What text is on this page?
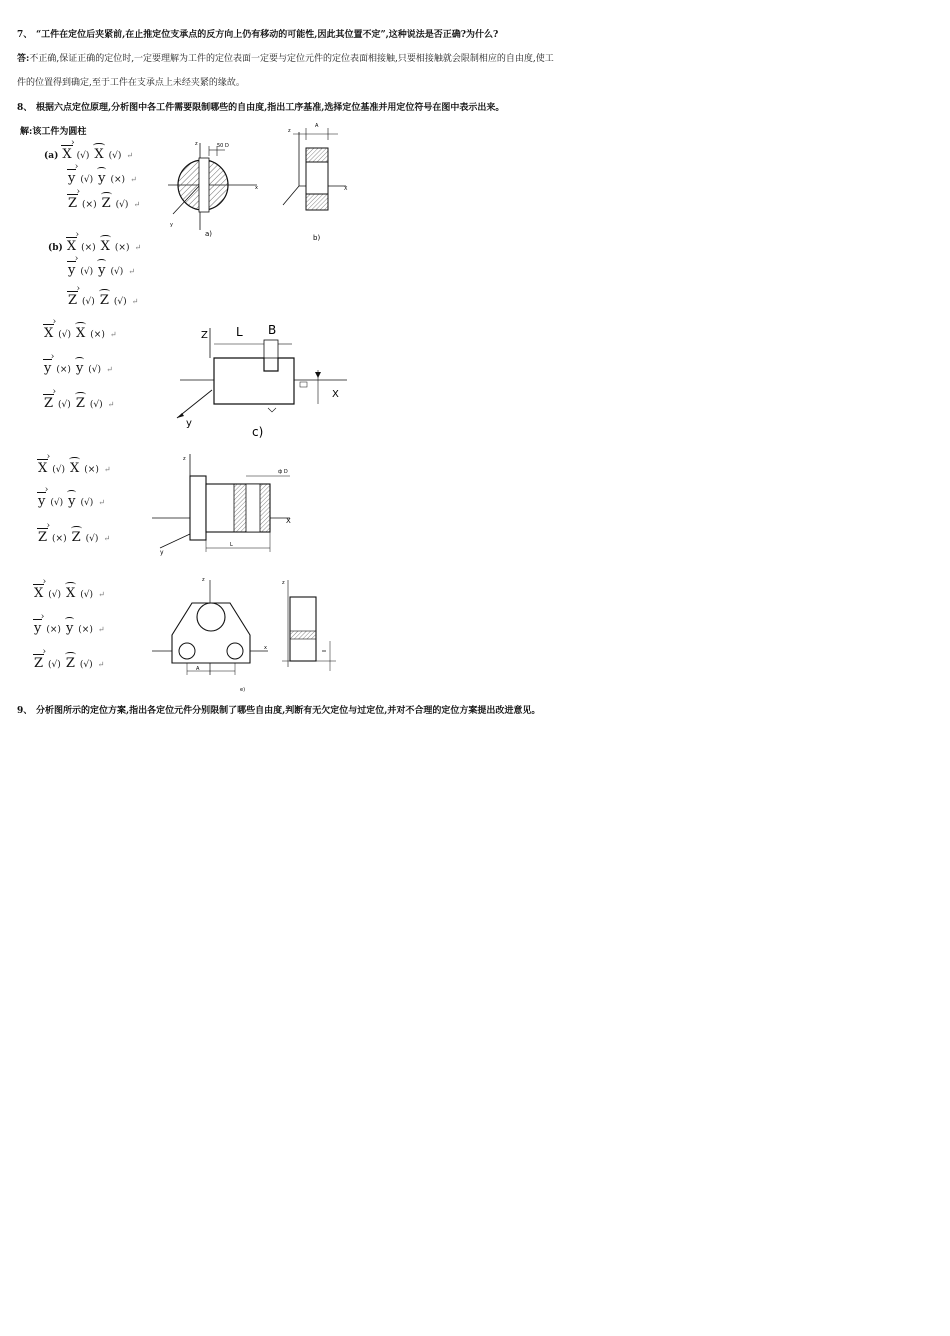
7、 “工件在定位后夹紧前,在止推定位支承点的反方向上仍有移动的可能性,因此其位置不定”,这种说法是否正确?为什么?
答:不正确,保证正确的定位时,一定要理解为工件的定位表面一定要与定位元件的定位表面相接触,只要相接触就会限制相应的自由度,使工
件的位置得到确定,至于工件在支承点上未经夹紧的缘故。
8、 根据六点定位原理,分析图中各工件需要限制哪些的自由度,指出工序基准,选择定位基准并用定位符号在图中表示出来。
解:该工件为圆柱
(a) X › (√) X (√) ↵
y › (√) y (×) ↵
Z › (×) Z (√) ↵
(b) X › (×) X (×) ↵
y › (√) y (√) ↵
Z › (√) Z (√) ↵
X › (√) X (×) ↵
y › (×) y (√) ↵
Z › (√) Z (√) ↵
X › (√) X (×) ↵
y › (√) y (√) ↵
Z › (×) Z (√) ↵
X › (√) X (√) ↵
y › (×) y (×) ↵
Z › (√) Z (√) ↵
z	50 D
x
y
a)
A
z
X
b)
Z L B
X
y
c)
z
X
y
L
ф D
A
z
x
e)
z
9、 分析图所示的定位方案,指出各定位元件分别限制了哪些自由度,判断有无欠定位与过定位,并对不合理的定位方案提出改进意见。
